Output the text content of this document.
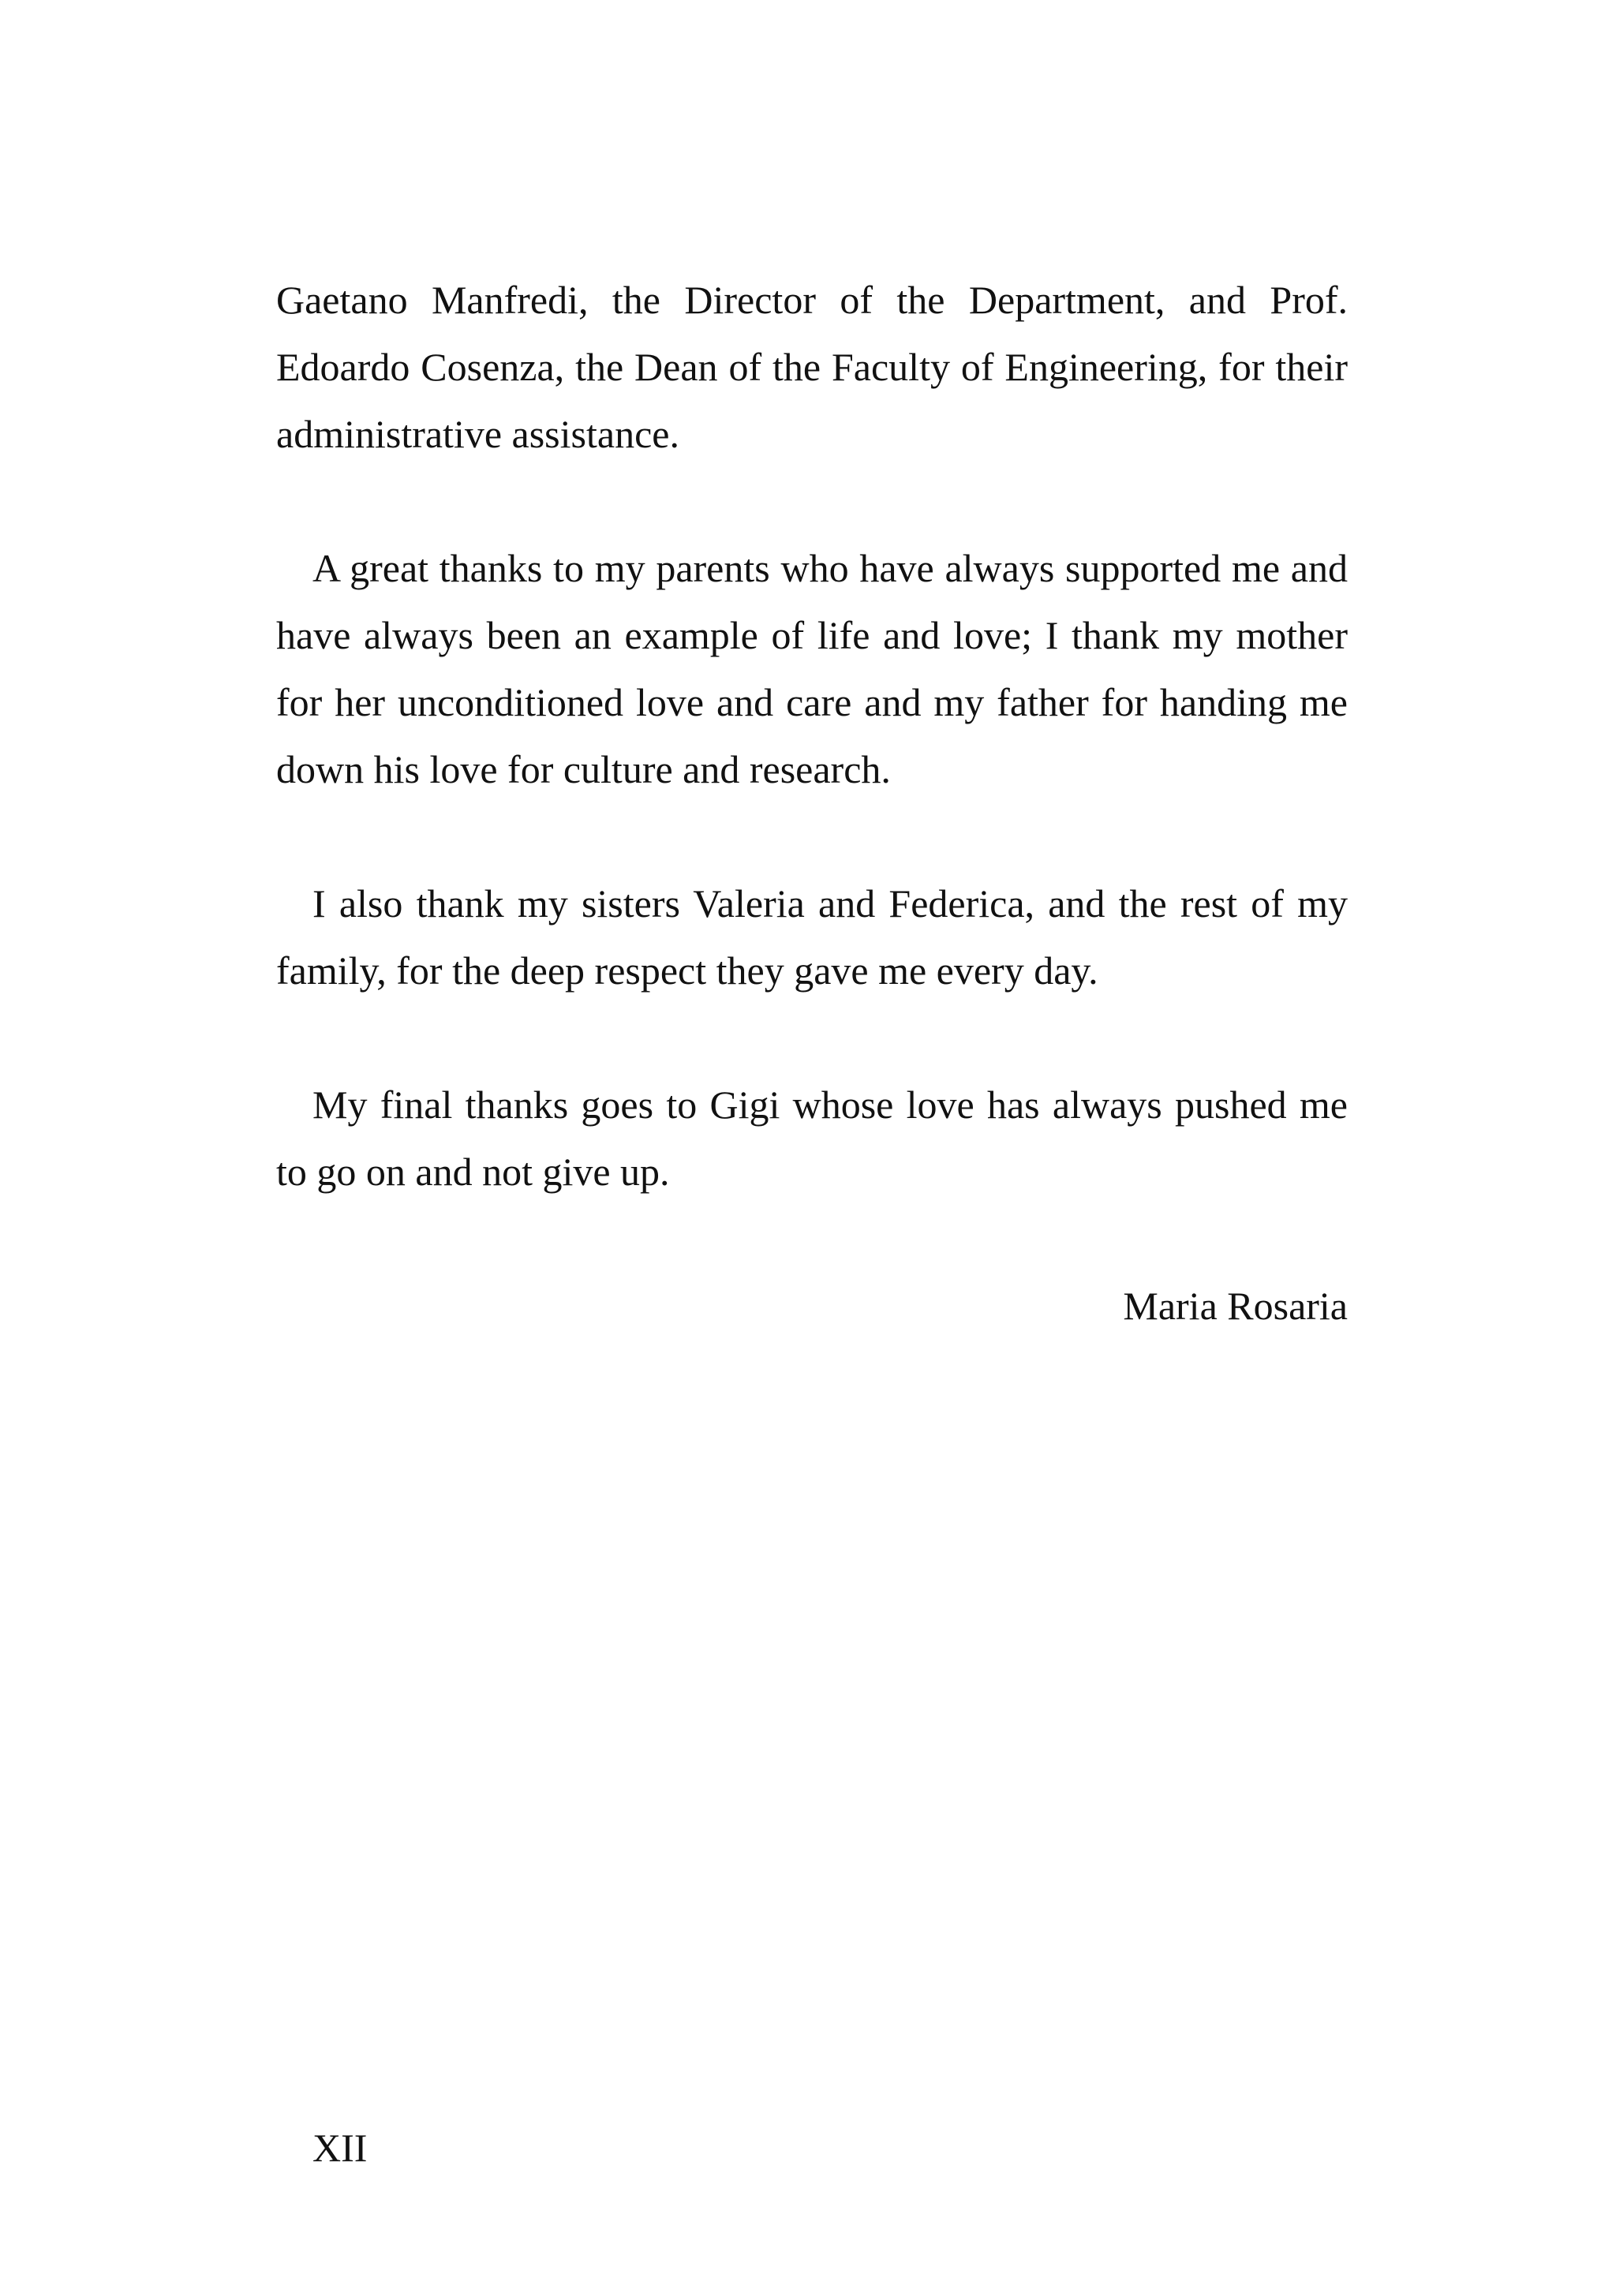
Gaetano Manfredi, the Director of the Department, and Prof. Edoardo Cosenza, the Dean of the Faculty of Engineering, for their administrative assistance.

A great thanks to my parents who have always supported me and have always been an example of life and love; I thank my mother for her unconditioned love and care and my father for handing me down his love for culture and research.

I also thank my sisters Valeria and Federica, and the rest of my family, for the deep respect they gave me every day.

My final thanks goes to Gigi whose love has always pushed me to go on and not give up.

Maria Rosaria

XII
